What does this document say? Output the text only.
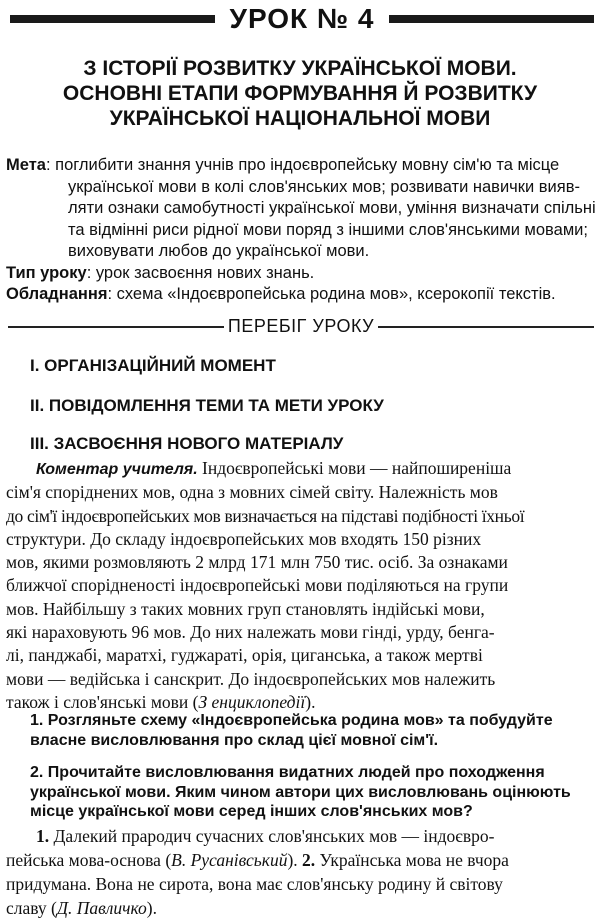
УРОК № 4
З ІСТОРІЇ РОЗВИТКУ УКРАЇНСЬКОЇ МОВИ.
ОСНОВНІ ЕТАПИ ФОРМУВАННЯ Й РОЗВИТКУ
УКРАЇНСЬКОЇ НАЦІОНАЛЬНОЇ МОВИ
Мета: поглибити знання учнів про індоєвропейську мовну сім'ю та місце
української мови в колі слов'янських мов; розвивати навички вияв-
ляти ознаки самобутності української мови, уміння визначати спільні
та відмінні риси рідної мови поряд з іншими слов'янськими мовами;
виховувати любов до української мови.
Тип уроку: урок засвоєння нових знань.
Обладнання: схема «Індоєвропейська родина мов», ксерокопії текстів.
ПЕРЕБІГ УРОКУ
І. ОРГАНІЗАЦІЙНИЙ МОМЕНТ
ІІ. ПОВІДОМЛЕННЯ ТЕМИ ТА МЕТИ УРОКУ
ІІІ. ЗАСВОЄННЯ НОВОГО МАТЕРІАЛУ
Коментар учителя. Індоєвропейські мови — найпоширеніша
сім'я споріднених мов, одна з мовних сімей світу. Належність мов
до сім'ї індоєвропейських мов визначається на підставі подібності їхньої
структури. До складу індоєвропейських мов входять 150 різних
мов, якими розмовляють 2 млрд 171 млн 750 тис. осіб. За ознаками
ближчої спорідненості індоєвропейські мови поділяються на групи
мов. Найбільшу з таких мовних груп становлять індійські мови,
які нараховують 96 мов. До них належать мови гінді, урду, бенга-
лі, панджабі, маратхі, гуджараті, орія, циганська, а також мертві
мови — ведійська і санскрит. До індоєвропейських мов належить
також і слов'янські мови (З енциклопедії).
1. Розгляньте схему «Індоєвропейська родина мов» та побудуйте
власне висловлювання про склад цієї мовної сім'ї.
2. Прочитайте висловлювання видатних людей про походження
української мови. Яким чином автори цих висловлювань оцінюють
місце української мови серед інших слов'янських мов?
1. Далекий прародич сучасних слов'янських мов — індоєвро-
пейська мова-основа (В. Русанівський). 2. Українська мова не вчора
придумана. Вона не сирота, вона має слов'янську родину й світову
славу (Д. Павличко).
